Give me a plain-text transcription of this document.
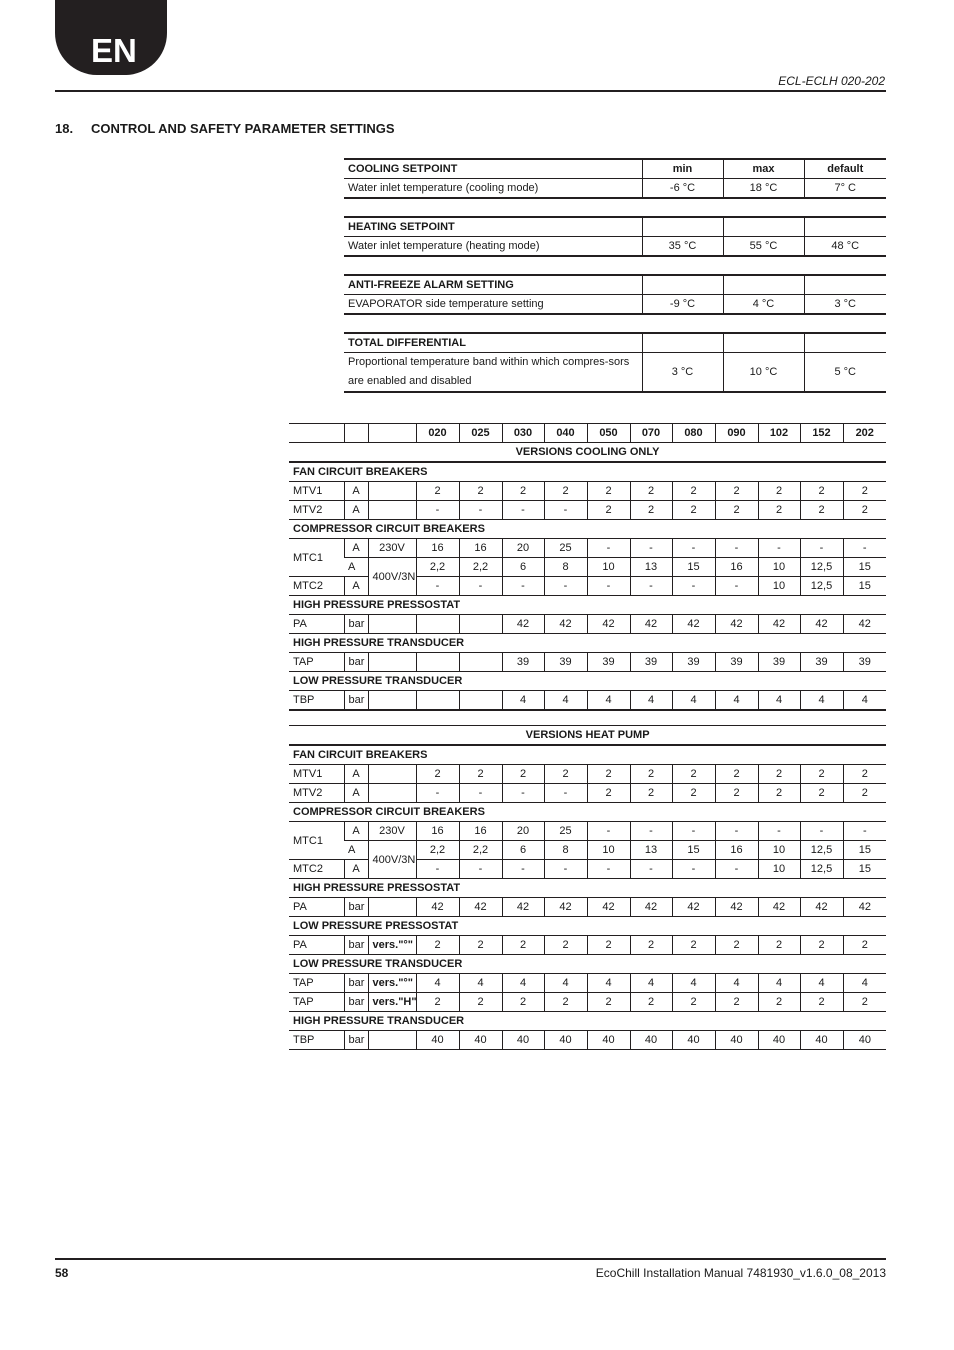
EN
ECL-ECLH 020-202
18. CONTROL AND SAFETY PARAMETER SETTINGS
COOLING SETPOINT	min	max	default
Water inlet temperature (cooling mode)	-6 °C	18 °C	7° C

HEATING SETPOINT			
Water inlet temperature (heating mode)	35 °C	55 °C	48 °C

ANTI-FREEZE ALARM SETTING			
EVAPORATOR side temperature setting	-9 °C	4 °C	3 °C

TOTAL DIFFERENTIAL			
Proportional temperature band within which compres-sors are enabled and disabled	3 °C	10 °C	5 °C
			020	025	030	040	050	070	080	090	102	152	202
VERSIONS COOLING ONLY													
FAN CIRCUIT BREAKERS													
MTV1	A		2	2	2	2	2	2	2	2	2	2	2
MTV2	A		-	-	-	-	2	2	2	2	2	2	2
COMPRESSOR CIRCUIT BREAKERS													
MTC1	A	230V	16	16	20	25	-	-	-	-	-	-	-
	A	400V/3N	2,2	2,2	6	8	10	13	15	16	10	12,5	15
MTC2	A		-	-	-	-	-	-	-	-	10	12,5	15
HIGH PRESSURE PRESSOSTAT													
PA	bar				42	42	42	42	42	42	42	42	42
HIGH PRESSURE TRANSDUCER													
TAP	bar				39	39	39	39	39	39	39	39	39
LOW PRESSURE TRANSDUCER													
TBP	bar				4	4	4	4	4	4	4	4	4
VERSIONS HEAT PUMP													
FAN CIRCUIT BREAKERS													
MTV1	A		2	2	2	2	2	2	2	2	2	2	2
MTV2	A		-	-	-	-	2	2	2	2	2	2	2
COMPRESSOR CIRCUIT BREAKERS													
MTC1	A	230V	16	16	20	25	-	-	-	-	-	-	-
	A	400V/3N	2,2	2,2	6	8	10	13	15	16	10	12,5	15
MTC2	A		-	-	-	-	-	-	-	-	10	12,5	15
HIGH PRESSURE PRESSOSTAT													
PA	bar		42	42	42	42	42	42	42	42	42	42	42
LOW PRESSURE PRESSOSTAT													
PA	bar	vers."°"	2	2	2	2	2	2	2	2	2	2	2
LOW PRESSURE TRANSDUCER													
TAP	bar	vers."°"	4	4	4	4	4	4	4	4	4	4	4
TAP	bar	vers."H"	2	2	2	2	2	2	2	2	2	2	2
HIGH PRESSURE TRANSDUCER													
TBP	bar		40	40	40	40	40	40	40	40	40	40	40
58	EcoChill Installation Manual 7481930_v1.6.0_08_2013
